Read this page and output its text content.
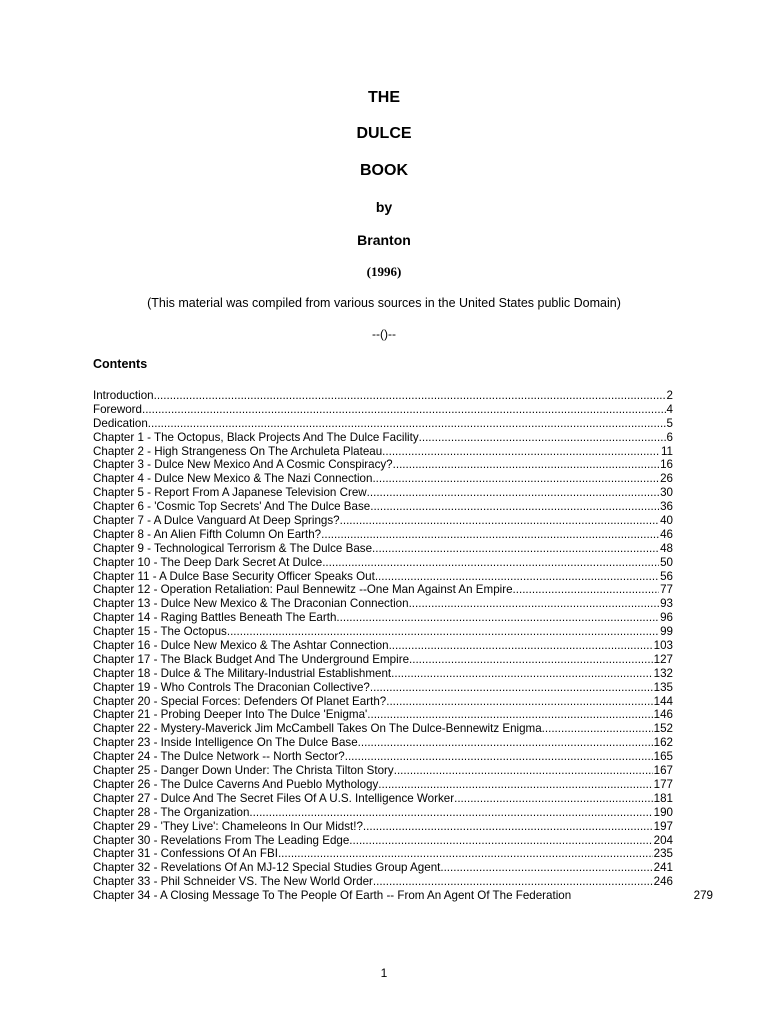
THE
DULCE
BOOK
by
Branton
(1996)
(This material was compiled from various sources in the United States public Domain)
--()--
Contents
Introduction .....	2
Foreword .....	4
Dedication .....	5
Chapter 1 - The Octopus, Black Projects And The Dulce Facility .....	6
Chapter 2 - High Strangeness On The Archuleta Plateau .....	11
Chapter 3 - Dulce New Mexico And A Cosmic Conspiracy? .....	16
Chapter 4 - Dulce New Mexico & The Nazi Connection .....	26
Chapter 5 - Report From A Japanese Television Crew .....	30
Chapter 6 - 'Cosmic Top Secrets' And The Dulce Base .....	36
Chapter 7 - A Dulce Vanguard At Deep Springs? .....	40
Chapter 8 - An Alien Fifth Column On Earth? .....	46
Chapter 9 - Technological Terrorism & The Dulce Base .....	48
Chapter 10 - The Deep Dark Secret At Dulce .....	50
Chapter 11 - A Dulce Base Security Officer Speaks Out .....	56
Chapter 12 - Operation Retaliation: Paul Bennewitz --One Man Against An Empire .....	77
Chapter 13 - Dulce New Mexico & The Draconian Connection .....	93
Chapter 14 - Raging Battles Beneath The Earth .....	96
Chapter 15 - The Octopus .....	99
Chapter 16 - Dulce New Mexico & The Ashtar Connection .....	103
Chapter 17 - The Black Budget And The Underground Empire .....	127
Chapter 18 - Dulce & The Military-Industrial Establishment .....	132
Chapter 19 - Who Controls The Draconian Collective? .....	135
Chapter 20 - Special Forces: Defenders Of Planet Earth? .....	144
Chapter 21 - Probing Deeper Into The Dulce 'Enigma' .....	146
Chapter 22 - Mystery-Maverick Jim McCambell Takes On The Dulce-Bennewitz Enigma .....	152
Chapter 23 - Inside Intelligence On The Dulce Base .....	162
Chapter 24 - The Dulce Network -- North Sector? .....	165
Chapter 25 - Danger Down Under: The Christa Tilton Story .....	167
Chapter 26 - The Dulce Caverns And Pueblo Mythology .....	177
Chapter 27 - Dulce And The Secret Files Of A U.S. Intelligence Worker .....	181
Chapter 28 - The Organization .....	190
Chapter 29 - 'They Live': Chameleons In Our Midst!? .....	197
Chapter 30 - Revelations From The Leading Edge .....	204
Chapter 31 - Confessions Of An FBI .....	235
Chapter 32 - Revelations Of An MJ-12 Special Studies Group Agent .....	241
Chapter 33 - Phil Schneider VS. The New World Order .....	246
Chapter 34 - A Closing Message To The People Of Earth -- From An Agent Of The Federation	279
1
